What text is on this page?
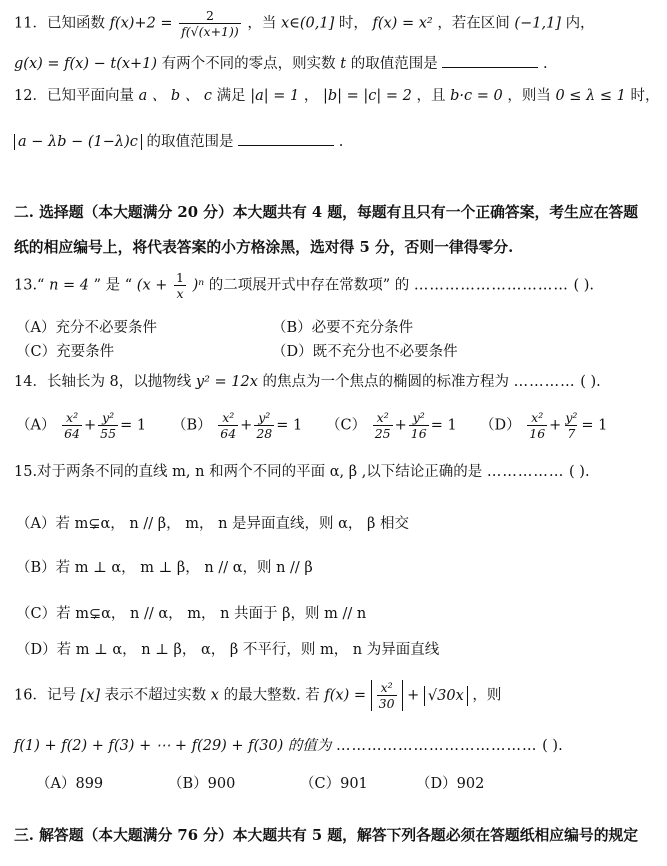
11．已知函数 $f(x)+2 = \frac{2}{f(√(x+1))}$ ，当 x∈(0,1] 时， f(x) = x² ，若在区间 (−1,1] 内，
g(x) = f(x) − t(x+1) 有两个不同的零点，则实数 t 的取值范围是	.
12．已知平面向量 a 、 b 、 c 满足 |a| = 1 ， |b| = |c| = 2 ，且 b·c = 0 ，则当 0 ≤ λ ≤ 1 时，
a − λb − (1−λ)c 的取值范围是	.
二. 选择题（本大题满分 20 分）本大题共有 4 题，每题有且只有一个正确答案，考生应在答题
纸的相应编号上，将代表答案的小方格涂黑，选对得 5 分，否则一律得零分.
13.“ n = 4 ” 是 “ $(x + \frac{1}{x} )^n$ 的二项展开式中存在常数项” 的 ………………………… ( ).
（A）充分不必要条件	（B）必要不充分条件
（C）充要条件	（D）既不充分也不必要条件
14．长轴长为 8，以抛物线 y² = 12x 的焦点为一个焦点的椭圆的标准方程为 ………… ( ).
$(A) \frac{\text{x²}}{64} + \frac{\text{y²}}{55} = 1$ $(B) \frac{\text{x²}}{64} + \frac{\text{y²}}{28} = 1$ $(C) \frac{\text{x²}}{25} + \frac{\text{y²}}{16} = 1$ $(D) \frac{\text{x²}}{16} + \frac{\text{y²}}{7} = 1$
15.对于两条不同的直线 m, n 和两个不同的平面 α, β ,以下结论正确的是 …………… ( ).
（A）若 m⊊α， n // β， m， n 是异面直线，则 α， β 相交
（B）若 m ⊥ α， m ⊥ β， n // α，则 n // β
（C）若 m⊊α， n // α， m， n 共面于 β，则 m // n
（D）若 m ⊥ α， n ⊥ β， α， β 不平行，则 m， n 为异面直线
16．记号 [x] 表示不超过实数 x 的最大整数. 若 $f(x) = \frac{\text{x²}}{30} + √30x$ ，则
f(1) + f(2) + f(3) + ⋯ + f(29) + f(30) 的值为 ………………………………… ( ).
（A）899	（B）900	（C）901	（D）902
三. 解答题（本大题满分 76 分）本大题共有 5 题，解答下列各题必须在答题纸相应编号的规定
